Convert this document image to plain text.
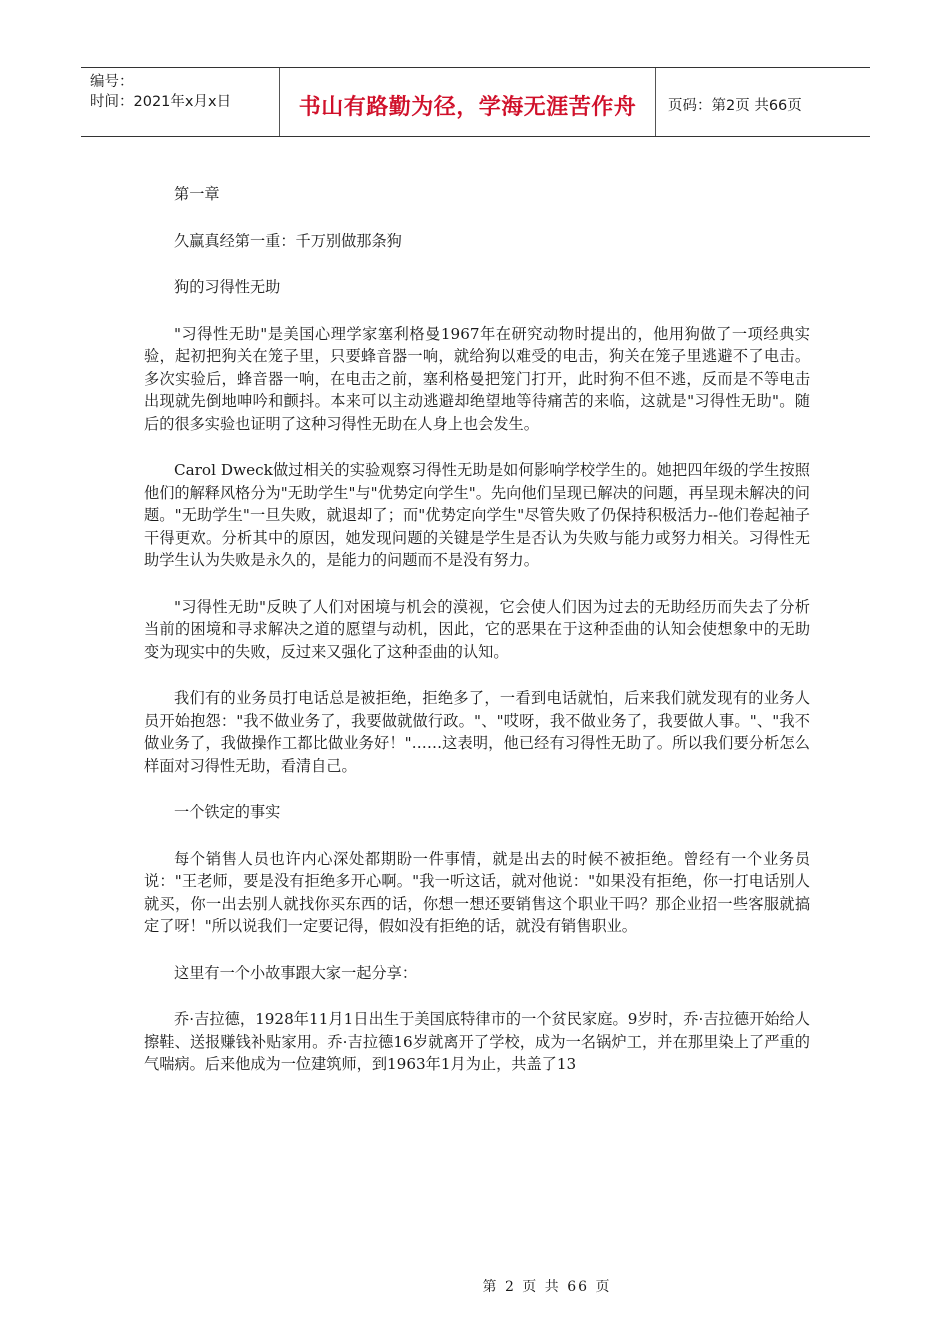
编号：
时间：2021年x月x日	书山有路勤为径，学海无涯苦作舟	页码：第2页 共66页

第一章

久赢真经第一重：千万别做那条狗

狗的习得性无助

"习得性无助"是美国心理学家塞利格曼1967年在研究动物时提出的，他用狗做了一项经典实验，起初把狗关在笼子里，只要蜂音器一响，就给狗以难受的电击，狗关在笼子里逃避不了电击。多次实验后，蜂音器一响，在电击之前，塞利格曼把笼门打开，此时狗不但不逃，反而是不等电击出现就先倒地呻吟和颤抖。本来可以主动逃避却绝望地等待痛苦的来临，这就是"习得性无助"。随后的很多实验也证明了这种习得性无助在人身上也会发生。

Carol Dweck做过相关的实验观察习得性无助是如何影响学校学生的。她把四年级的学生按照他们的解释风格分为"无助学生"与"优势定向学生"。先向他们呈现已解决的问题，再呈现未解决的问题。"无助学生"一旦失败，就退却了；而"优势定向学生"尽管失败了仍保持积极活力--他们卷起袖子干得更欢。分析其中的原因，她发现问题的关键是学生是否认为失败与能力或努力相关。习得性无助学生认为失败是永久的，是能力的问题而不是没有努力。

"习得性无助"反映了人们对困境与机会的漠视，它会使人们因为过去的无助经历而失去了分析当前的困境和寻求解决之道的愿望与动机，因此，它的恶果在于这种歪曲的认知会使想象中的无助变为现实中的失败，反过来又强化了这种歪曲的认知。

我们有的业务员打电话总是被拒绝，拒绝多了，一看到电话就怕，后来我们就发现有的业务人员开始抱怨："我不做业务了，我要做就做行政。"、"哎呀，我不做业务了，我要做人事。"、"我不做业务了，我做操作工都比做业务好！"……这表明，他已经有习得性无助了。所以我们要分析怎么样面对习得性无助，看清自己。

一个铁定的事实

每个销售人员也许内心深处都期盼一件事情，就是出去的时候不被拒绝。曾经有一个业务员说："王老师，要是没有拒绝多开心啊。"我一听这话，就对他说："如果没有拒绝，你一打电话别人就买，你一出去别人就找你买东西的话，你想一想还要销售这个职业干吗？那企业招一些客服就搞定了呀！"所以说我们一定要记得，假如没有拒绝的话，就没有销售职业。

这里有一个小故事跟大家一起分享：

乔·吉拉德，1928年11月1日出生于美国底特律市的一个贫民家庭。9岁时，乔·吉拉德开始给人擦鞋、送报赚钱补贴家用。乔·吉拉德16岁就离开了学校，成为一名锅炉工，并在那里染上了严重的气喘病。后来他成为一位建筑师，到1963年1月为止，共盖了13

第 2 页 共 66 页
